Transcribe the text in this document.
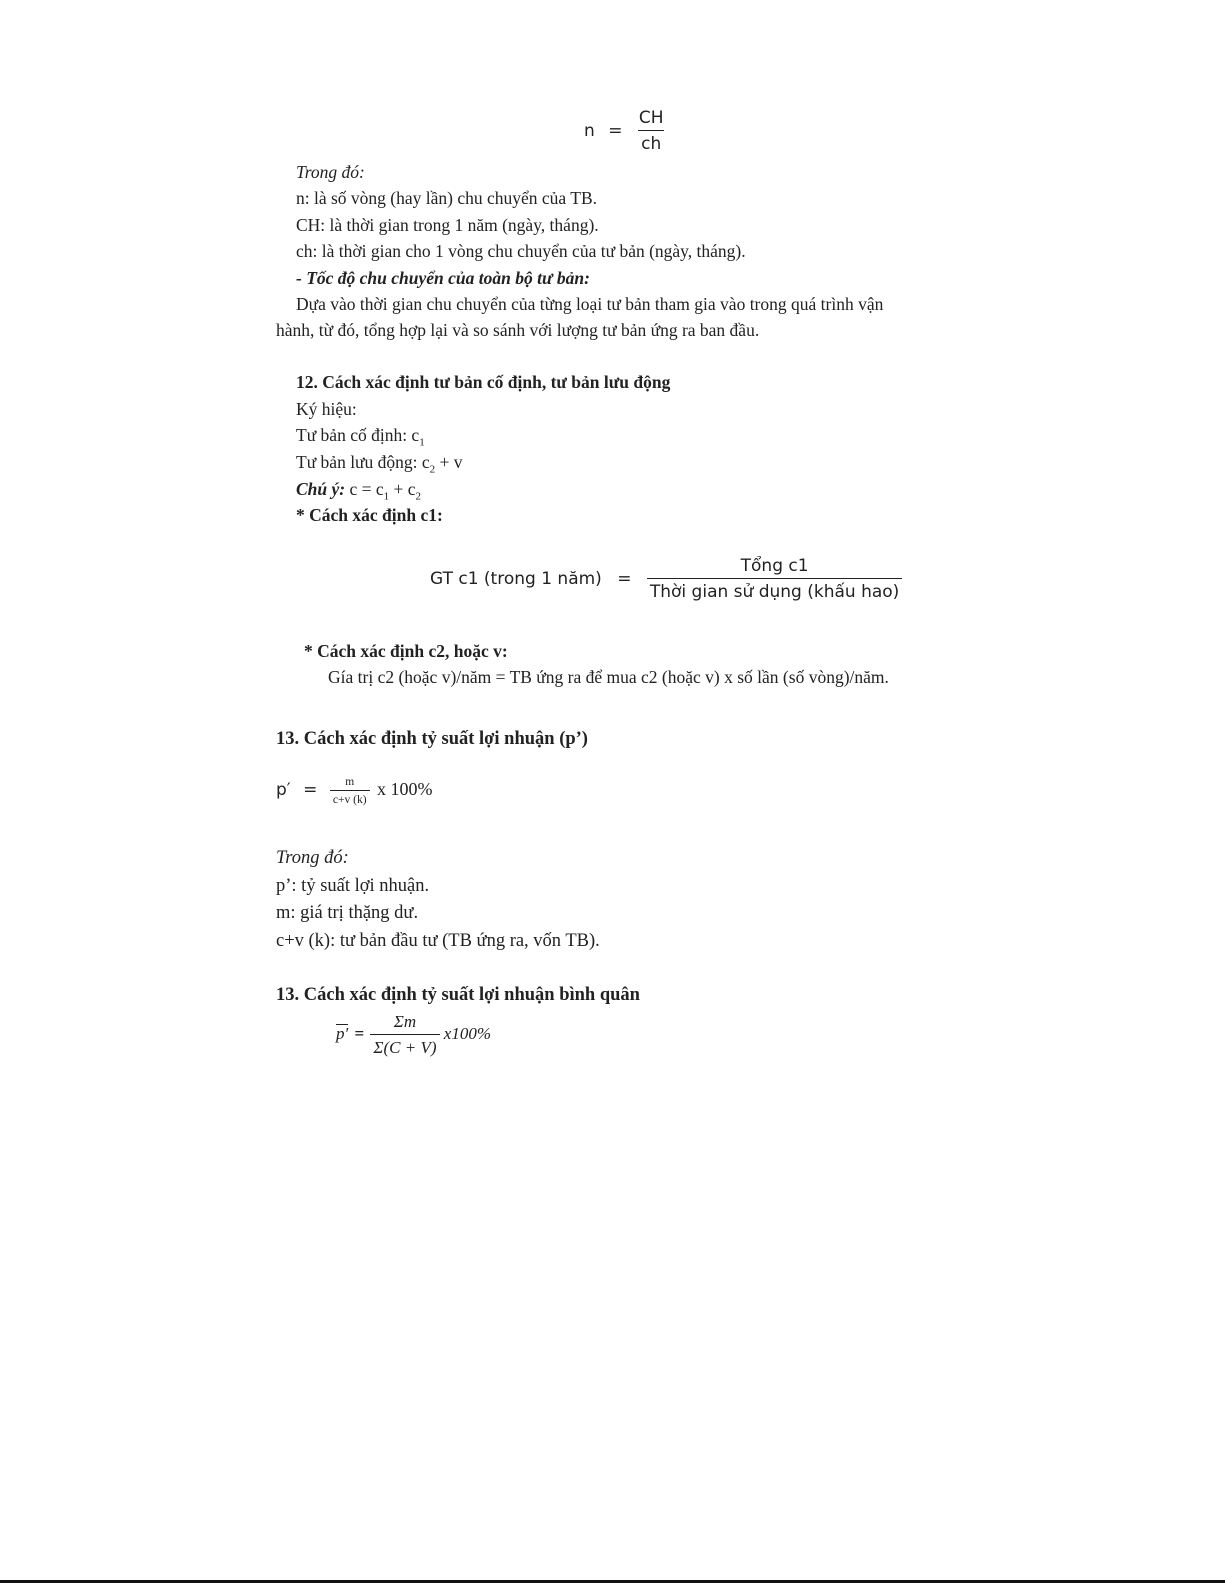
$n = \frac{CH}{ch}$
Trong đó:
n: là số vòng (hay lần) chu chuyển của TB.
CH: là thời gian trong 1 năm (ngày, tháng).
ch: là thời gian cho 1 vòng chu chuyển của tư bản (ngày, tháng).
- Tốc độ chu chuyển của toàn bộ tư bản:
Dựa vào thời gian chu chuyển của từng loại tư bản tham gia vào trong quá trình vận
hành, từ đó, tổng hợp lại và so sánh với lượng tư bản ứng ra ban đầu.
12. Cách xác định tư bản cố định, tư bản lưu động
Ký hiệu:
Tư bản cố định: $c_1$
Tư bản lưu động: $c_2 + v$
Chú ý: $c = c_1 + c_2$
* Cách xác định c1:
GT c1 (trong 1 năm) = $\frac{\text{Tổng c1}}{\text{Thời gian sử dụng (khấu hao)}}$
* Cách xác định c2, hoặc v:
Gía trị c2 (hoặc v)/năm = TB ứng ra để mua c2 (hoặc v) x số lần (số vòng)/năm.
13. Cách xác định tỷ suất lợi nhuận (p’)
$p' = \frac{m}{c+v (k)}$ x 100%
Trong đó:
p’: tỷ suất lợi nhuận.
m: giá trị thặng dư.
c+v (k): tư bản đầu tư (TB ứng ra, vốn TB).
13. Cách xác định tỷ suất lợi nhuận bình quân
$p' = \frac{\Sigma m}{\Sigma(C + V)} x100\%$
